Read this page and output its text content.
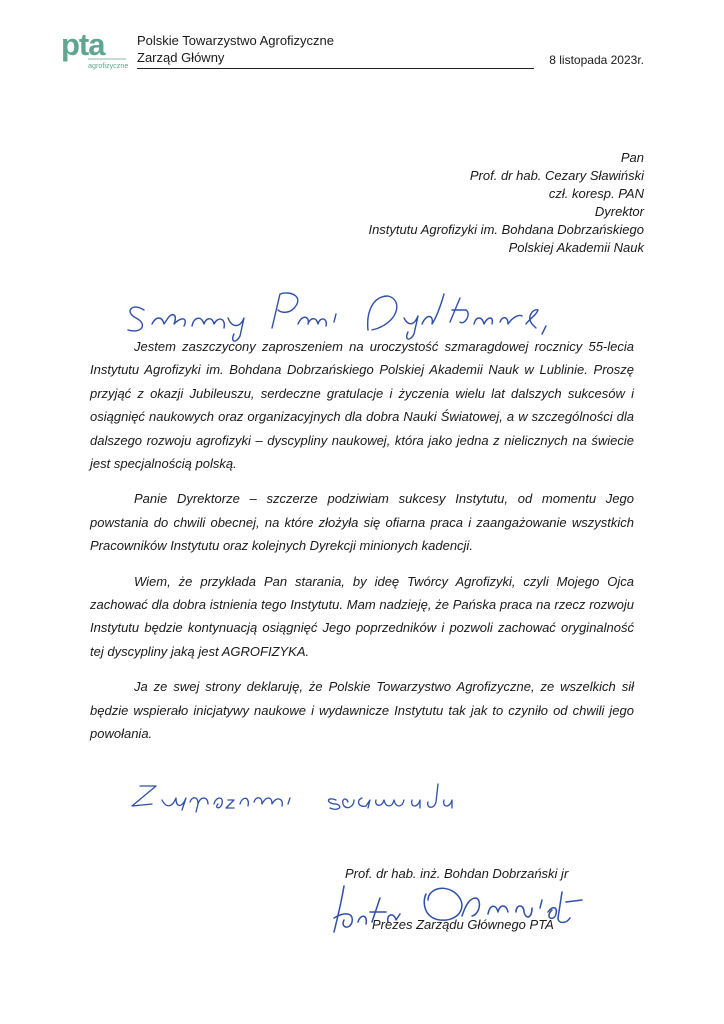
pta
agrofizyczne
Polskie Towarzystwo Agrofizyczne
Zarząd Główny	8 listopada 2023r.
Pan
Prof. dr hab. Cezary Sławiński
czł. koresp. PAN
Dyrektor
Instytutu Agrofizyki im. Bohdana Dobrzańskiego
Polskiej Akademii Nauk

Jestem zaszczycony zaproszeniem na uroczystość szmaragdowej rocznicy 55-lecia Instytutu Agrofizyki im. Bohdana Dobrzańskiego Polskiej Akademii Nauk w Lublinie. Proszę przyjąć z okazji Jubileuszu, serdeczne gratulacje i życzenia wielu lat dalszych sukcesów i osiągnięć naukowych oraz organizacyjnych dla dobra Nauki Światowej, a w szczególności dla dalszego rozwoju agrofizyki – dyscypliny naukowej, która jako jedna z nielicznych na świecie jest specjalnością polską.

Panie Dyrektorze – szczerze podziwiam sukcesy Instytutu, od momentu Jego powstania do chwili obecnej, na które złożyła się ofiarna praca i zaangażowanie wszystkich Pracowników Instytutu oraz kolejnych Dyrekcji minionych kadencji.

Wiem, że przykłada Pan starania, by ideę Twórcy Agrofizyki, czyli Mojego Ojca zachować dla dobra istnienia tego Instytutu. Mam nadzieję, że Pańska praca na rzecz rozwoju Instytutu będzie kontynuacją osiągnięć Jego poprzedników i pozwoli zachować oryginalność tej dyscypliny jaką jest AGROFIZYKA.

Ja ze swej strony deklaruję, że Polskie Towarzystwo Agrofizyczne, ze wszelkich sił będzie wspierało inicjatywy naukowe i wydawnicze Instytutu tak jak to czyniło od chwili jego powołania.

Prof. dr hab. inż. Bohdan Dobrzański jr
Prezes Zarządu Głównego PTA
